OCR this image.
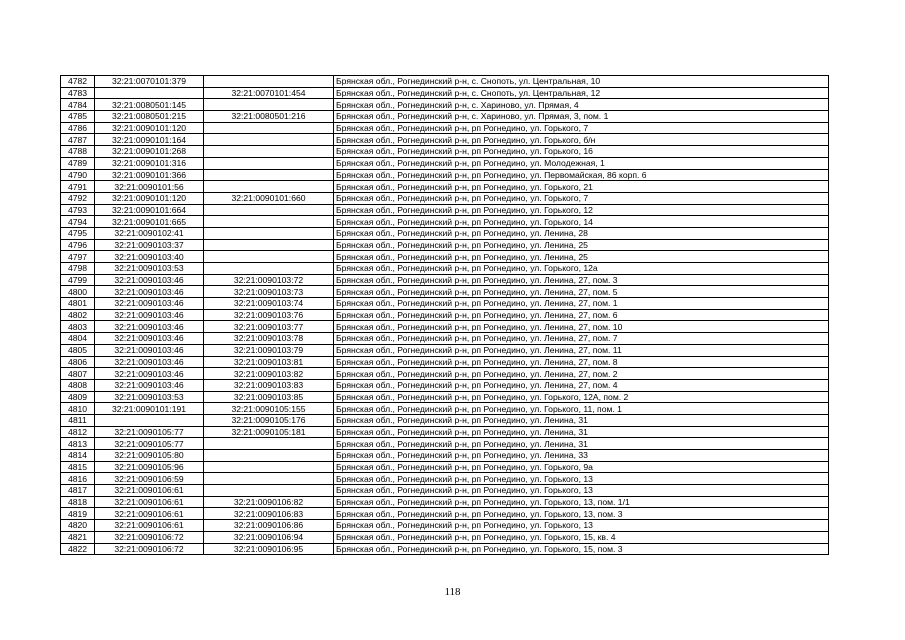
4782	32:21:0070101:379		Брянская обл., Рогнединский р-н, с. Снопоть, ул. Центральная, 10
4783		32:21:0070101:454	Брянская обл., Рогнединский р-н, с. Снопоть, ул. Центральная, 12
4784	32:21:0080501:145		Брянская обл., Рогнединский р-н, с. Хариново, ул. Прямая, 4
4785	32:21:0080501:215	32:21:0080501:216	Брянская обл., Рогнединский р-н, с. Хариново, ул. Прямая, 3, пом. 1
4786	32:21:0090101:120		Брянская обл., Рогнединский р-н, рп Рогнедино, ул. Горького, 7
4787	32:21:0090101:164		Брянская обл., Рогнединский р-н, рп Рогнедино, ул. Горького, б/н
4788	32:21:0090101:268		Брянская обл., Рогнединский р-н, рп Рогнедино, ул. Горького, 16
4789	32:21:0090101:316		Брянская обл., Рогнединский р-н, рп Рогнедино, ул. Молодежная, 1
4790	32:21:0090101:366		Брянская обл., Рогнединский р-н, рп Рогнедино, ул. Первомайская, 86 корп. 6
4791	32:21:0090101:56		Брянская обл., Рогнединский р-н, рп Рогнедино, ул. Горького, 21
4792	32:21:0090101:120	32:21:0090101:660	Брянская обл., Рогнединский р-н, рп Рогнедино, ул. Горького, 7
4793	32:21:0090101:664		Брянская обл., Рогнединский р-н, рп Рогнедино, ул. Горького, 12
4794	32:21:0090101:665		Брянская обл., Рогнединский р-н, рп Рогнедино, ул. Горького, 14
4795	32:21:0090102:41		Брянская обл., Рогнединский р-н, рп Рогнедино, ул. Ленина, 28
4796	32:21:0090103:37		Брянская обл., Рогнединский р-н, рп Рогнедино, ул. Ленина, 25
4797	32:21:0090103:40		Брянская обл., Рогнединский р-н, рп Рогнедино, ул. Ленина, 25
4798	32:21:0090103:53		Брянская обл., Рогнединский р-н, рп Рогнедино, ул. Горького, 12а
4799	32:21:0090103:46	32:21:0090103:72	Брянская обл., Рогнединский р-н, рп Рогнедино, ул. Ленина, 27, пом. 3
4800	32:21:0090103:46	32:21:0090103:73	Брянская обл., Рогнединский р-н, рп Рогнедино, ул. Ленина, 27, пом. 5
4801	32:21:0090103:46	32:21:0090103:74	Брянская обл., Рогнединский р-н, рп Рогнедино, ул. Ленина, 27, пом. 1
4802	32:21:0090103:46	32:21:0090103:76	Брянская обл., Рогнединский р-н, рп Рогнедино, ул. Ленина, 27, пом. 6
4803	32:21:0090103:46	32:21:0090103:77	Брянская обл., Рогнединский р-н, рп Рогнедино, ул. Ленина, 27, пом. 10
4804	32:21:0090103:46	32:21:0090103:78	Брянская обл., Рогнединский р-н, рп Рогнедино, ул. Ленина, 27, пом. 7
4805	32:21:0090103:46	32:21:0090103:79	Брянская обл., Рогнединский р-н, рп Рогнедино, ул. Ленина, 27, пом. 11
4806	32:21:0090103:46	32:21:0090103:81	Брянская обл., Рогнединский р-н, рп Рогнедино, ул. Ленина, 27, пом. 8
4807	32:21:0090103:46	32:21:0090103:82	Брянская обл., Рогнединский р-н, рп Рогнедино, ул. Ленина, 27, пом. 2
4808	32:21:0090103:46	32:21:0090103:83	Брянская обл., Рогнединский р-н, рп Рогнедино, ул. Ленина, 27, пом. 4
4809	32:21:0090103:53	32:21:0090103:85	Брянская обл., Рогнединский р-н, рп Рогнедино, ул. Горького, 12А, пом. 2
4810	32:21:0090101:191	32:21:0090105:155	Брянская обл., Рогнединский р-н, рп Рогнедино, ул. Горького, 11, пом. 1
4811		32:21:0090105:176	Брянская обл., Рогнединский р-н, рп Рогнедино, ул. Ленина, 31
4812	32:21:0090105:77	32:21:0090105:181	Брянская обл., Рогнединский р-н, рп Рогнедино, ул. Ленина, 31
4813	32:21:0090105:77		Брянская обл., Рогнединский р-н, рп Рогнедино, ул. Ленина, 31
4814	32:21:0090105:80		Брянская обл., Рогнединский р-н, рп Рогнедино, ул. Ленина, 33
4815	32:21:0090105:96		Брянская обл., Рогнединский р-н, рп Рогнедино, ул. Горького, 9а
4816	32:21:0090106:59		Брянская обл., Рогнединский р-н, рп Рогнедино, ул. Горького, 13
4817	32:21:0090106:61		Брянская обл., Рогнединский р-н, рп Рогнедино, ул. Горького, 13
4818	32:21:0090106:61	32:21:0090106:82	Брянская обл., Рогнединский р-н, рп Рогнедино, ул. Горького, 13, пом. 1/1
4819	32:21:0090106:61	32:21:0090106:83	Брянская обл., Рогнединский р-н, рп Рогнедино, ул. Горького, 13, пом. 3
4820	32:21:0090106:61	32:21:0090106:86	Брянская обл., Рогнединский р-н, рп Рогнедино, ул. Горького, 13
4821	32:21:0090106:72	32:21:0090106:94	Брянская обл., Рогнединский р-н, рп Рогнедино, ул. Горького, 15, кв. 4
4822	32:21:0090106:72	32:21:0090106:95	Брянская обл., Рогнединский р-н, рп Рогнедино, ул. Горького, 15, пом. 3
118
